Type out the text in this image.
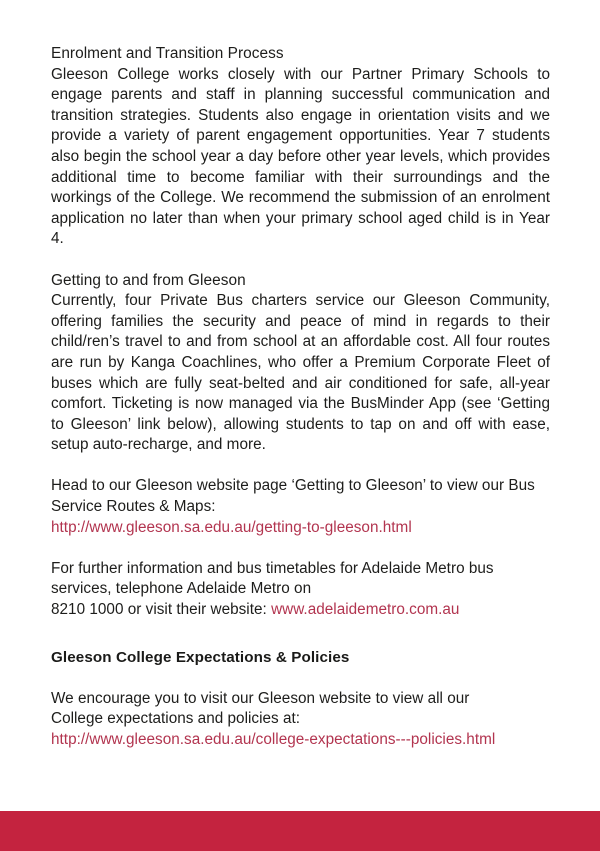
Enrolment and Transition Process

Gleeson College works closely with our Partner Primary Schools to engage parents and staff in planning successful communication and transition strategies. Students also engage in orientation visits and we provide a variety of parent engagement opportunities. Year 7 students also begin the school year a day before other year levels, which provides additional time to become familiar with their surroundings and the workings of the College. We recommend the submission of an enrolment application no later than when your primary school aged child is in Year 4.

Getting to and from Gleeson

Currently, four Private Bus charters service our Gleeson Community, offering families the security and peace of mind in regards to their child/ren’s travel to and from school at an affordable cost. All four routes are run by Kanga Coachlines, who offer a Premium Corporate Fleet of buses which are fully seat-belted and air conditioned for safe, all-year comfort. Ticketing is now managed via the BusMinder App (see ‘Getting to Gleeson’ link below), allowing students to tap on and off with ease, setup auto-recharge, and more.

Head to our Gleeson website page ‘Getting to Gleeson’ to view our Bus Service Routes & Maps:

http://www.gleeson.sa.edu.au/getting-to-gleeson.html

For further information and bus timetables for Adelaide Metro bus

services, telephone Adelaide Metro on

8210 1000 or visit their website: www.adelaidemetro.com.au

Gleeson College Expectations & Policies

We encourage you to visit our Gleeson website to view all our

College expectations and policies at:

http://www.gleeson.sa.edu.au/college-expectations---policies.html
